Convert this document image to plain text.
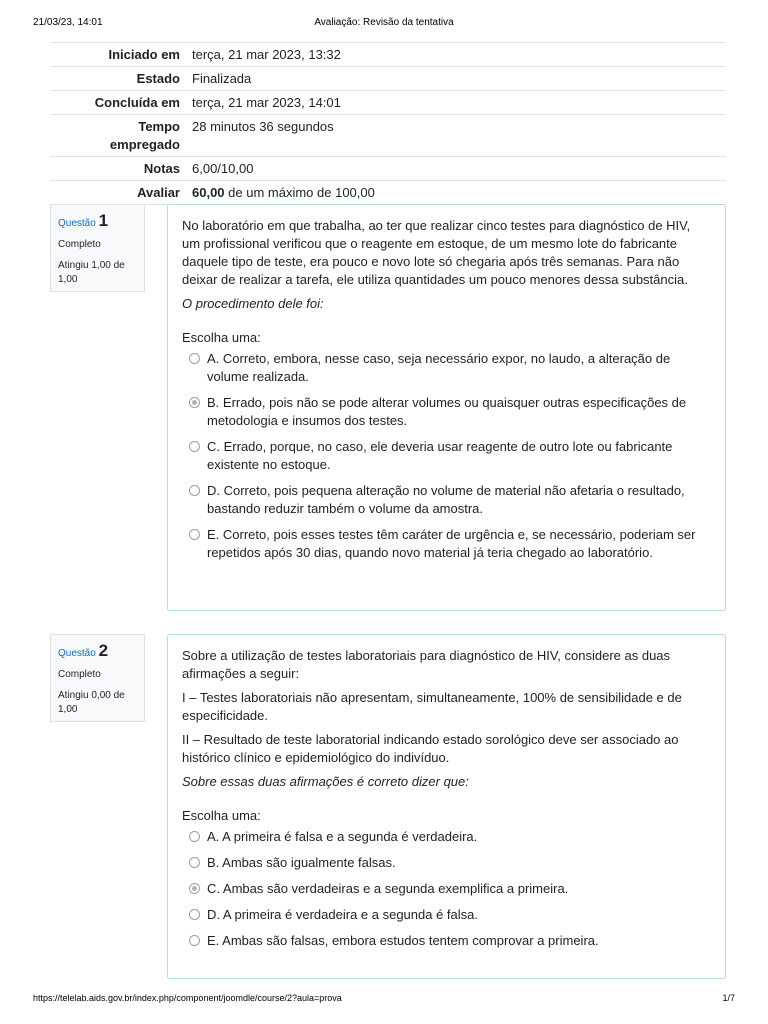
21/03/23, 14:01	Avaliação: Revisão da tentativa
Iniciado em	terça, 21 mar 2023, 13:32
Estado	Finalizada
Concluída em	terça, 21 mar 2023, 14:01
Tempo empregado	28 minutos 36 segundos
Notas	6,00/10,00
Avaliar	60,00 de um máximo de 100,00
Questão 1
Completo
Atingiu 1,00 de 1,00

No laboratório em que trabalha, ao ter que realizar cinco testes para diagnóstico de HIV, um profissional verificou que o reagente em estoque, de um mesmo lote do fabricante daquele tipo de teste, era pouco e novo lote só chegaria após três semanas. Para não deixar de realizar a tarefa, ele utiliza quantidades um pouco menores dessa substância.

O procedimento dele foi:

Escolha uma:
A. Correto, embora, nesse caso, seja necessário expor, no laudo, a alteração de volume realizada.
B. Errado, pois não se pode alterar volumes ou quaisquer outras especificações de metodologia e insumos dos testes.
C. Errado, porque, no caso, ele deveria usar reagente de outro lote ou fabricante existente no estoque.
D. Correto, pois pequena alteração no volume de material não afetaria o resultado, bastando reduzir também o volume da amostra.
E. Correto, pois esses testes têm caráter de urgência e, se necessário, poderiam ser repetidos após 30 dias, quando novo material já teria chegado ao laboratório.
Questão 2
Completo
Atingiu 0,00 de 1,00

Sobre a utilização de testes laboratoriais para diagnóstico de HIV, considere as duas afirmações a seguir:

I – Testes laboratoriais não apresentam, simultaneamente, 100% de sensibilidade e de especificidade.

II – Resultado de teste laboratorial indicando estado sorológico deve ser associado ao histórico clínico e epidemiológico do indivíduo.

Sobre essas duas afirmações é correto dizer que:

Escolha uma:
A. A primeira é falsa e a segunda é verdadeira.
B. Ambas são igualmente falsas.
C. Ambas são verdadeiras e a segunda exemplifica a primeira.
D. A primeira é verdadeira e a segunda é falsa.
E. Ambas são falsas, embora estudos tentem comprovar a primeira.
https://telelab.aids.gov.br/index.php/component/joomdle/course/2?aula=prova	1/7
